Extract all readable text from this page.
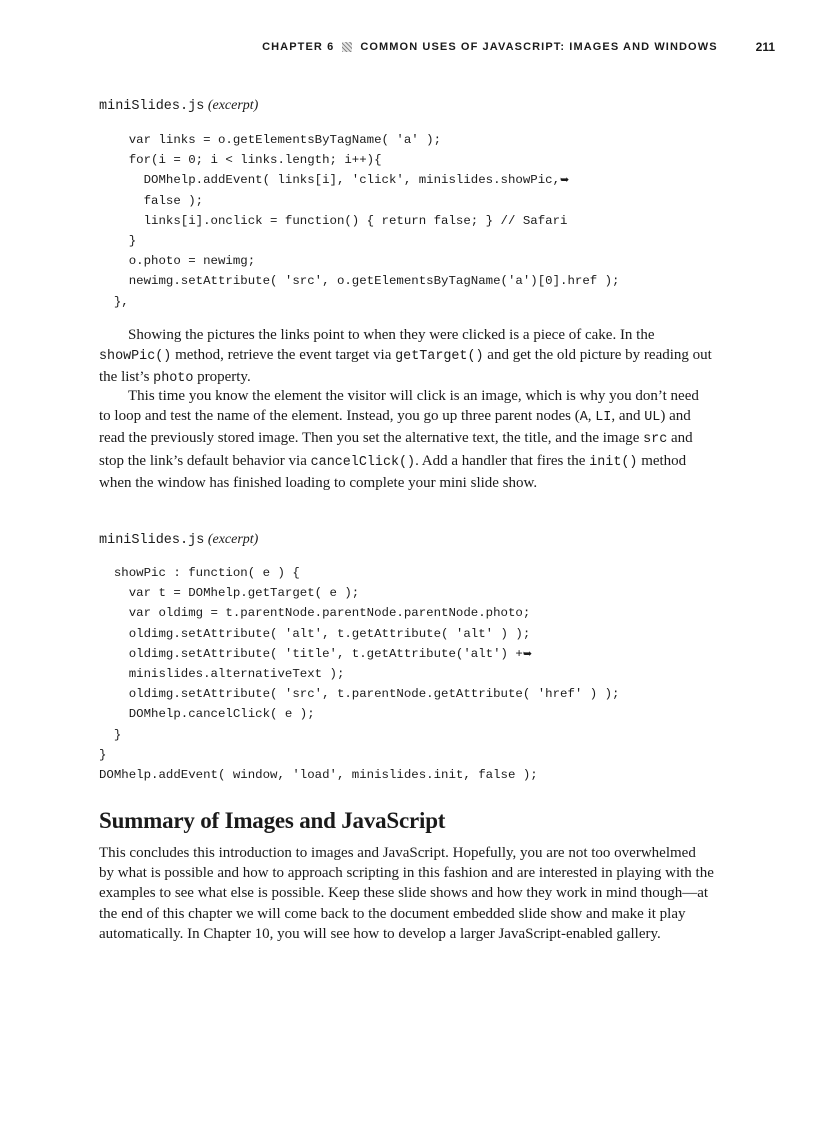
CHAPTER 6 COMMON USES OF JAVASCRIPT: IMAGES AND WINDOWS	211
miniSlides.js (excerpt)
var links = o.getElementsByTagName( 'a' );
for(i = 0; i < links.length; i++){
DOMhelp.addEvent( links[i], 'click', minislides.showPic,➥
false );
links[i].onclick = function() { return false; } // Safari
}
o.photo = newimg;
newimg.setAttribute( 'src', o.getElementsByTagName('a')[0].href );
},

Showing the pictures the links point to when they were clicked is a piece of cake. In the showPic() method, retrieve the event target via getTarget() and get the old picture by reading out the list’s photo property.

This time you know the element the visitor will click is an image, which is why you don’t need to loop and test the name of the element. Instead, you go up three parent nodes (A, LI, and UL) and read the previously stored image. Then you set the alternative text, the title, and the image src and stop the link’s default behavior via cancelClick(). Add a handler that fires the init() method when the window has finished loading to complete your mini slide show.

miniSlides.js (excerpt)
showPic : function( e ) {
var t = DOMhelp.getTarget( e );
var oldimg = t.parentNode.parentNode.parentNode.photo;
oldimg.setAttribute( 'alt', t.getAttribute( 'alt' ) );
oldimg.setAttribute( 'title', t.getAttribute('alt') +➥
minislides.alternativeText );
oldimg.setAttribute( 'src', t.parentNode.getAttribute( 'href' ) );
DOMhelp.cancelClick( e );
}
}
DOMhelp.addEvent( window, 'load', minislides.init, false );
Summary of Images and JavaScript

This concludes this introduction to images and JavaScript. Hopefully, you are not too overwhelmed by what is possible and how to approach scripting in this fashion and are interested in playing with the examples to see what else is possible. Keep these slide shows and how they work in mind though—at the end of this chapter we will come back to the document embedded slide show and make it play automatically. In Chapter 10, you will see how to develop a larger JavaScript-enabled gallery.
